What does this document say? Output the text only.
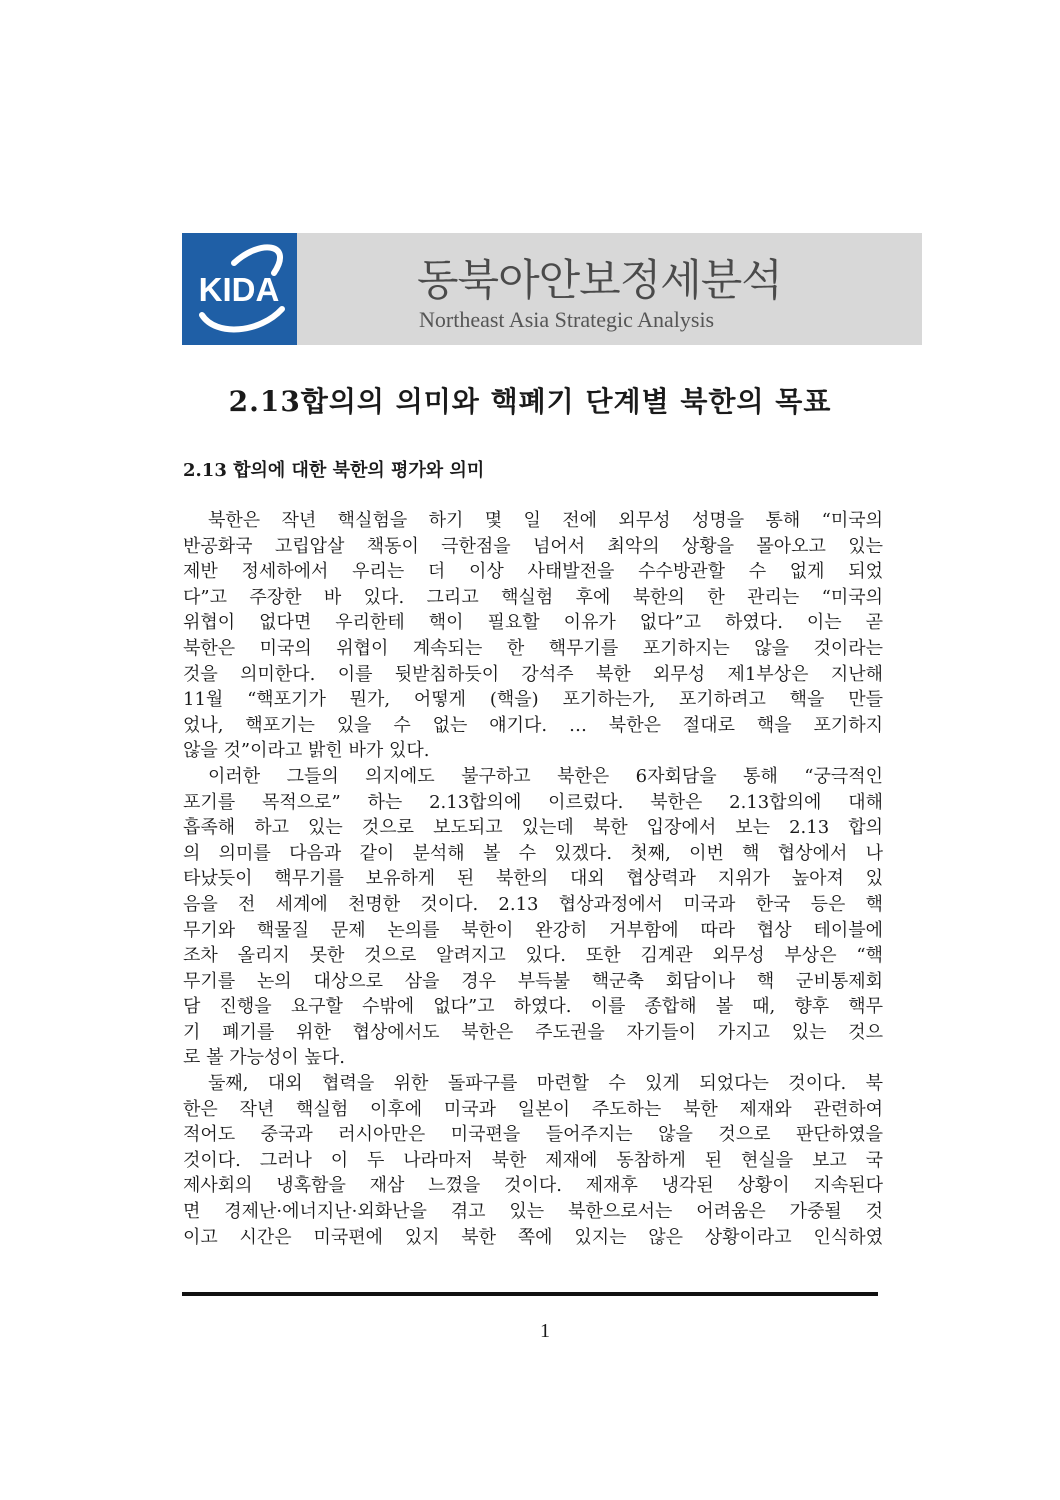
KIDA	동북아안보정세분석
Northeast Asia Strategic Analysis
2.13합의의 의미와 핵폐기 단계별 북한의 목표
2.13 합의에 대한 북한의 평가와 의미
북한은 작년 핵실험을 하기 몇 일 전에 외무성 성명을 통해 “미국의
반공화국 고립압살 책동이 극한점을 넘어서 최악의 상황을 몰아오고 있는
제반 정세하에서 우리는 더 이상 사태발전을 수수방관할 수 없게 되었
다”고 주장한 바 있다. 그리고 핵실험 후에 북한의 한 관리는 “미국의
위협이 없다면 우리한테 핵이 필요할 이유가 없다”고 하였다. 이는 곧
북한은 미국의 위협이 계속되는 한 핵무기를 포기하지는 않을 것이라는
것을 의미한다. 이를 뒷받침하듯이 강석주 북한 외무성 제1부상은 지난해
11월 “핵포기가 뭔가, 어떻게 (핵을) 포기하는가, 포기하려고 핵을 만들
었나, 핵포기는 있을 수 없는 얘기다. … 북한은 절대로 핵을 포기하지
않을 것”이라고 밝힌 바가 있다.
이러한 그들의 의지에도 불구하고 북한은 6자회담을 통해 “궁극적인
포기를 목적으로” 하는 2.13합의에 이르렀다. 북한은 2.13합의에 대해
흡족해 하고 있는 것으로 보도되고 있는데 북한 입장에서 보는 2.13 합의
의 의미를 다음과 같이 분석해 볼 수 있겠다. 첫째, 이번 핵 협상에서 나
타났듯이 핵무기를 보유하게 된 북한의 대외 협상력과 지위가 높아져 있
음을 전 세계에 천명한 것이다. 2.13 협상과정에서 미국과 한국 등은 핵
무기와 핵물질 문제 논의를 북한이 완강히 거부함에 따라 협상 테이블에
조차 올리지 못한 것으로 알려지고 있다. 또한 김계관 외무성 부상은 “핵
무기를 논의 대상으로 삼을 경우 부득불 핵군축 회담이나 핵 군비통제회
담 진행을 요구할 수밖에 없다”고 하였다. 이를 종합해 볼 때, 향후 핵무
기 폐기를 위한 협상에서도 북한은 주도권을 자기들이 가지고 있는 것으
로 볼 가능성이 높다.
둘째, 대외 협력을 위한 돌파구를 마련할 수 있게 되었다는 것이다. 북
한은 작년 핵실험 이후에 미국과 일본이 주도하는 북한 제재와 관련하여
적어도 중국과 러시아만은 미국편을 들어주지는 않을 것으로 판단하였을
것이다. 그러나 이 두 나라마저 북한 제재에 동참하게 된 현실을 보고 국
제사회의 냉혹함을 재삼 느꼈을 것이다. 제재후 냉각된 상황이 지속된다
면 경제난·에너지난·외화난을 겪고 있는 북한으로서는 어려움은 가중될 것
이고 시간은 미국편에 있지 북한 쪽에 있지는 않은 상황이라고 인식하였
1
